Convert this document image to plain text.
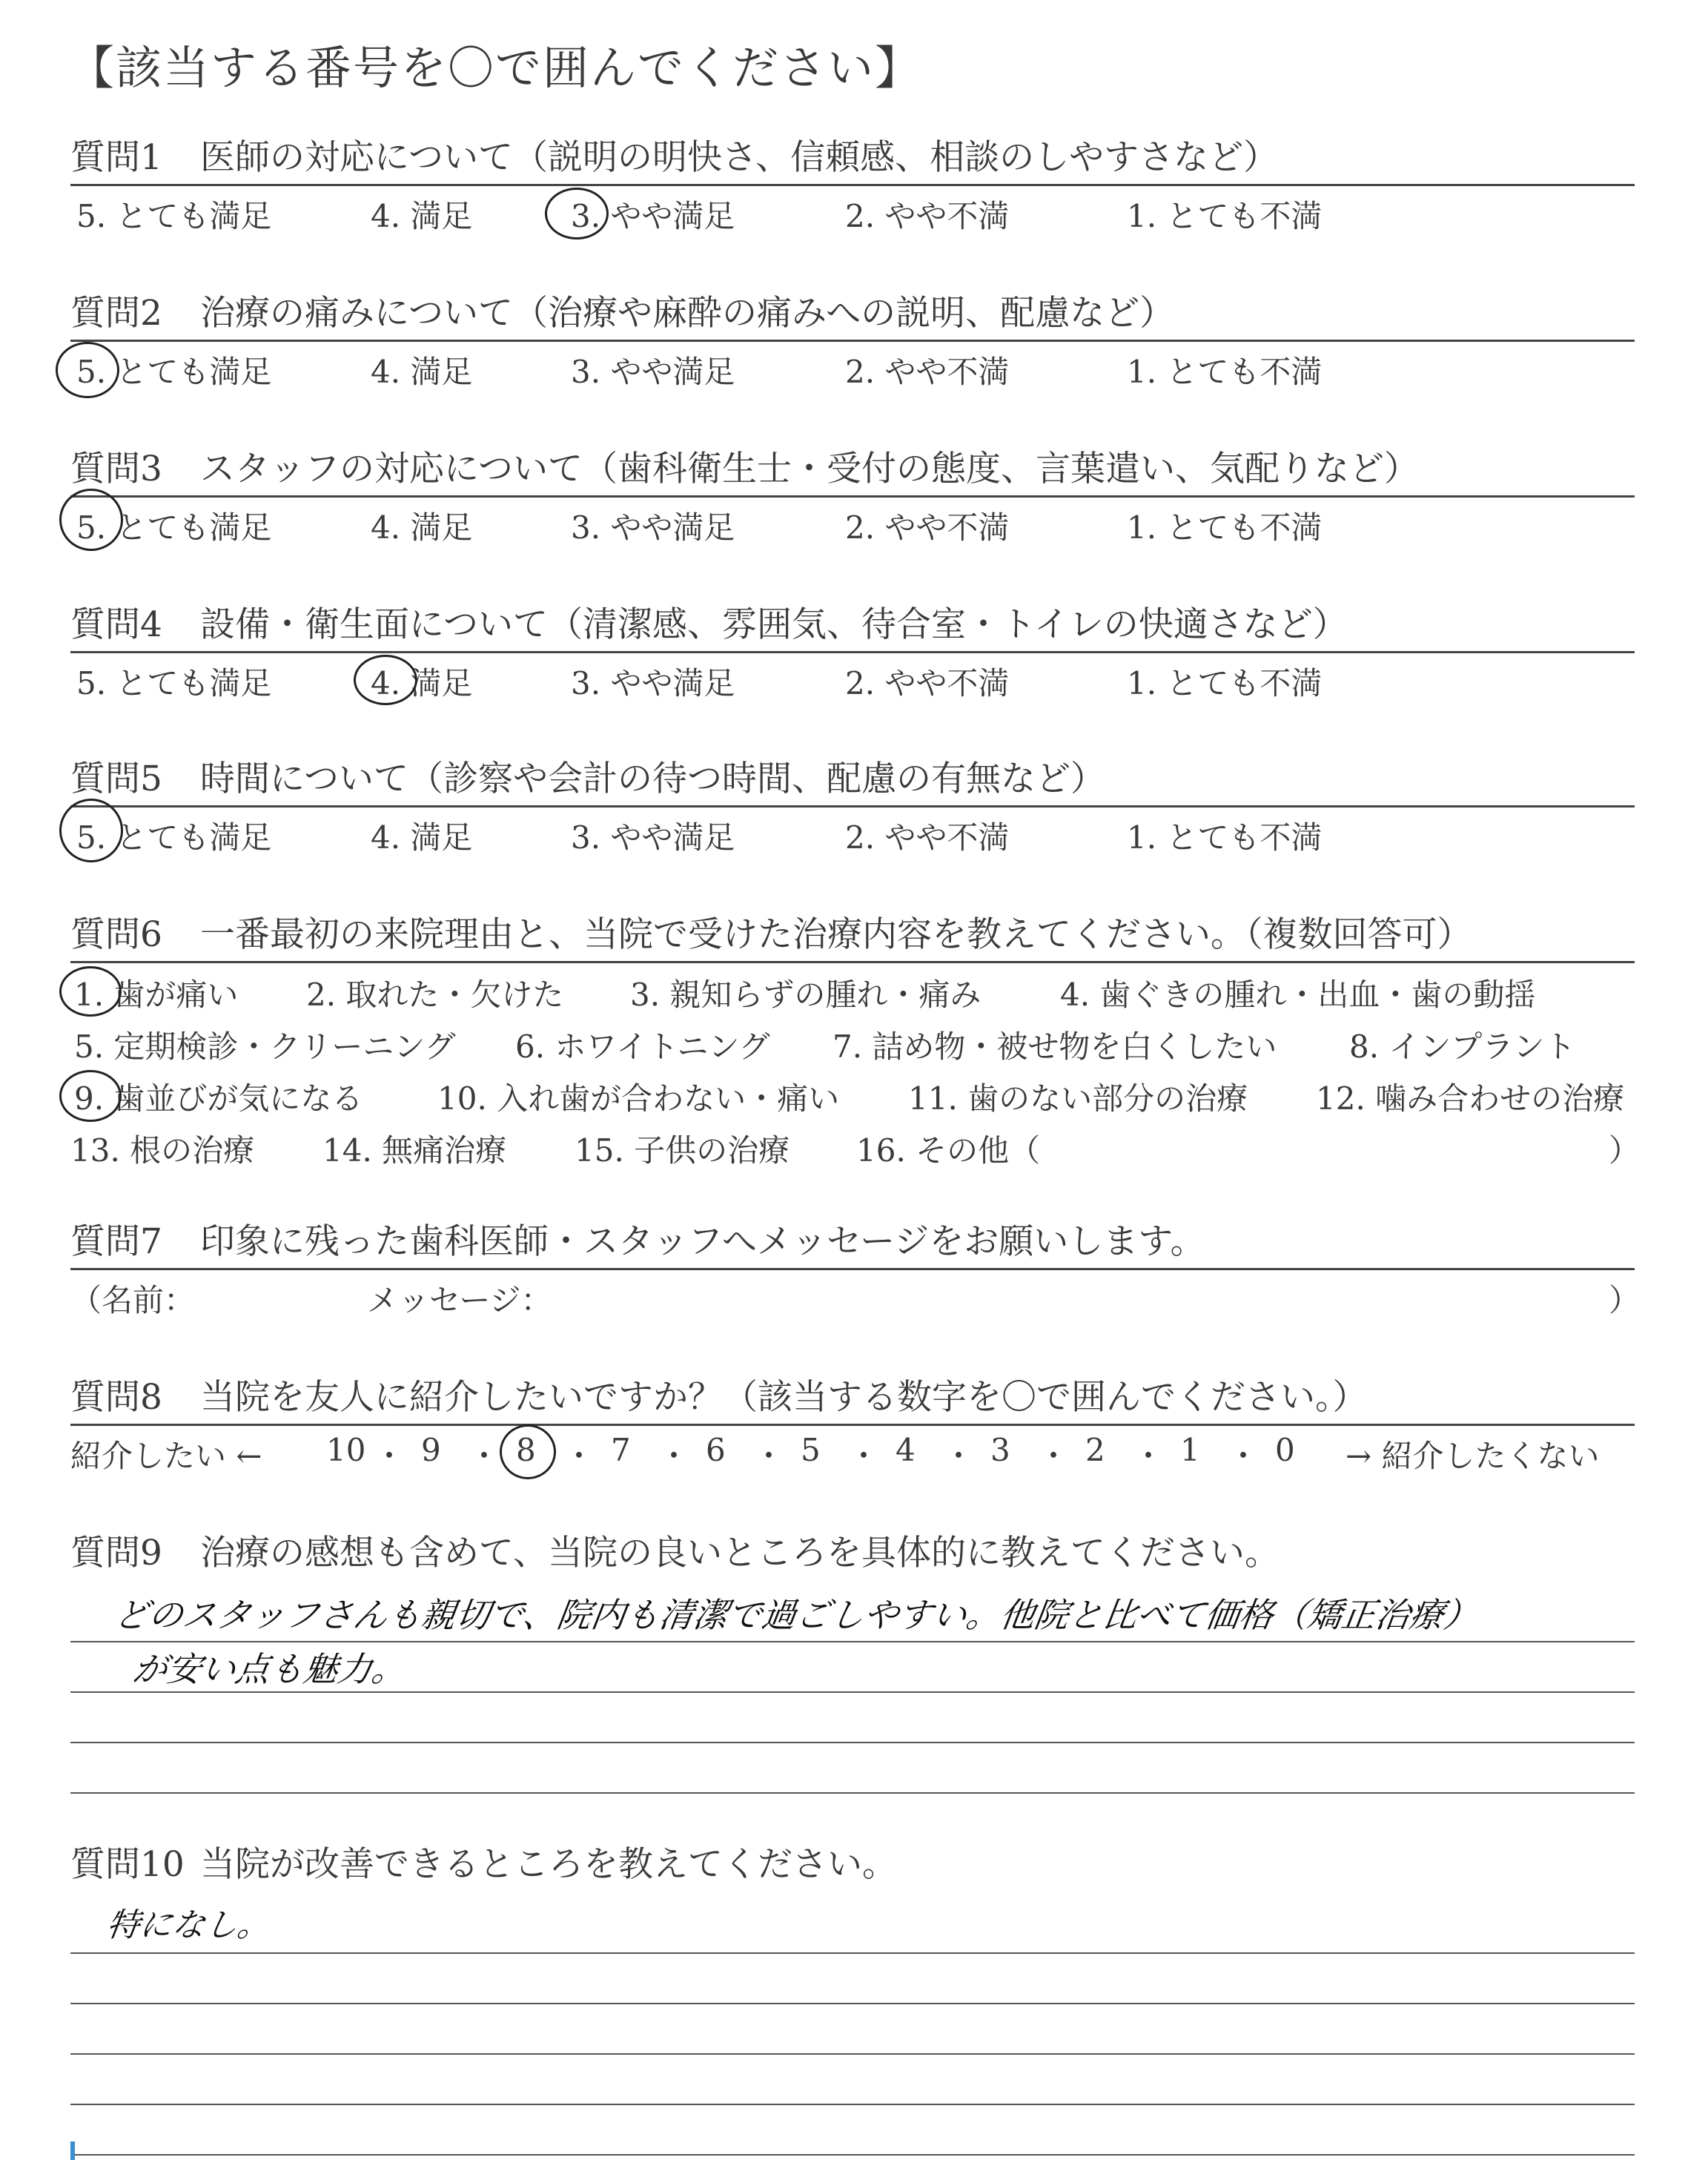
【該当する番号を〇で囲んでください】
質問1 医師の対応について（説明の明快さ、信頼感、相談のしやすさなど）
5. とても満足	4. 満足	3. やや満足	2. やや不満	1. とても不満
質問2 治療の痛みについて（治療や麻酔の痛みへの説明、配慮など）
5. とても満足	4. 満足	3. やや満足	2. やや不満	1. とても不満
質問3 スタッフの対応について（歯科衛生士・受付の態度、言葉遣い、気配りなど）
5. とても満足	4. 満足	3. やや満足	2. やや不満	1. とても不満
質問4 設備・衛生面について（清潔感、雰囲気、待合室・トイレの快適さなど）
5. とても満足	4. 満足	3. やや満足	2. やや不満	1. とても不満
質問5 時間について（診察や会計の待つ時間、配慮の有無など）
5. とても満足	4. 満足	3. やや満足	2. やや不満	1. とても不満
質問6 一番最初の来院理由と、当院で受けた治療内容を教えてください。（複数回答可）
1. 歯が痛い 2. 取れた・欠けた 3. 親知らずの腫れ・痛み	4. 歯ぐきの腫れ・出血・歯の動揺
5. 定期検診・クリーニング 6. ホワイトニング 7. 詰め物・被せ物を白くしたい 8. インプラント
9. 歯並びが気になる 10. 入れ歯が合わない・痛い 11. 歯のない部分の治療 12. 噛み合わせの治療
13. 根の治療 14. 無痛治療 15. 子供の治療 16. その他（	）
質問7 印象に残った歯科医師・スタッフへメッセージをお願いします。
（名前：	メッセージ：	）
質問8 当院を友人に紹介したいですか？（該当する数字を〇で囲んでください。）
紹介したい ← 10 ・ 9 ・ 8 ・ 7 ・ 6 ・ 5 ・ 4 ・ 3 ・ 2 ・ 1 ・ 0 → 紹介したくない
質問9 治療の感想も含めて、当院の良いところを具体的に教えてください。
どのスタッフさんも親切で、院内も清潔で過ごしやすい。他院と比べて価格（矯正治療）
が安い点も魅力。
質問10 当院が改善できるところを教えてください。
特になし。
